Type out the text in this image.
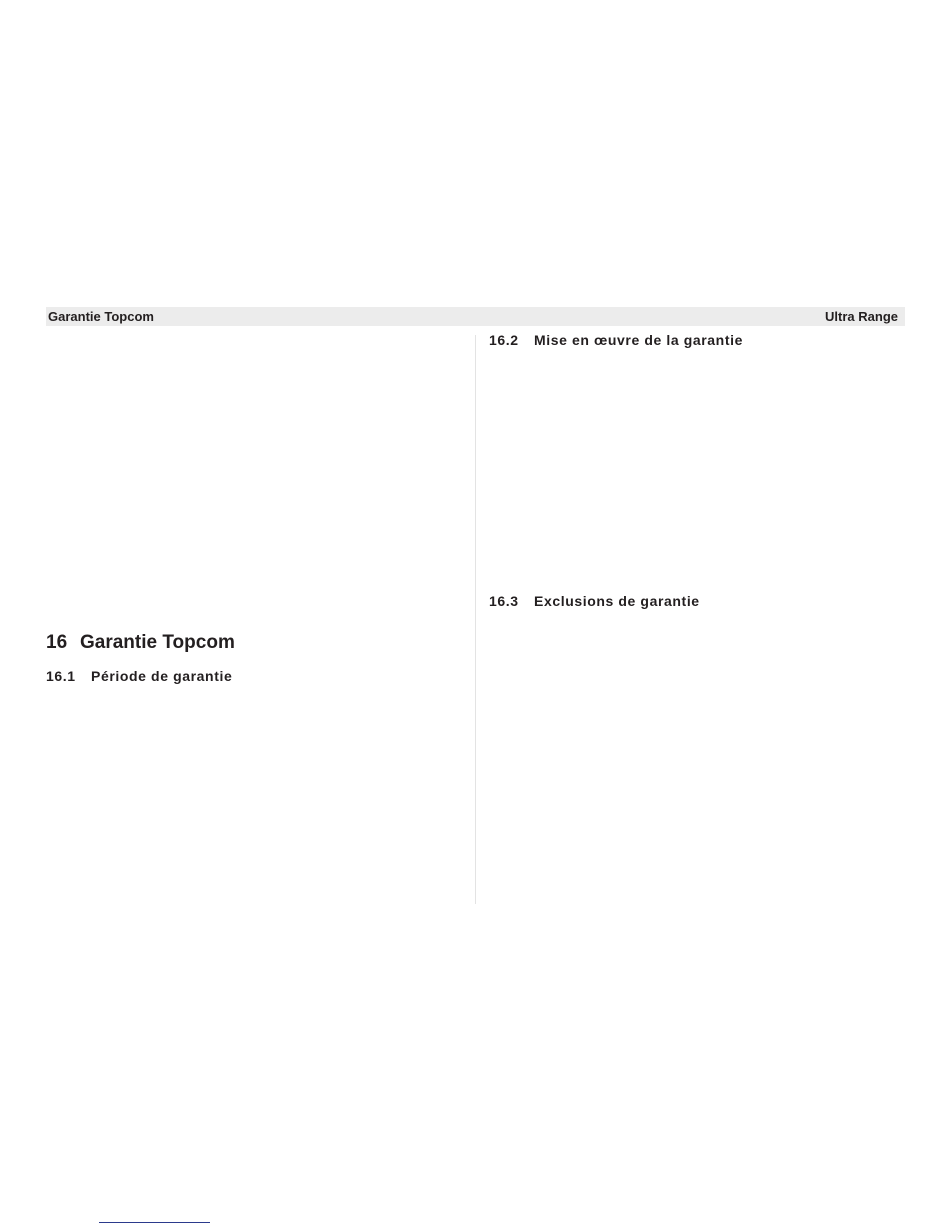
Garantie Topcom	Ultra Range
16 Garantie Topcom
16.1 Période de garantie
16.2 Mise en œuvre de la garantie
16.3 Exclusions de garantie
